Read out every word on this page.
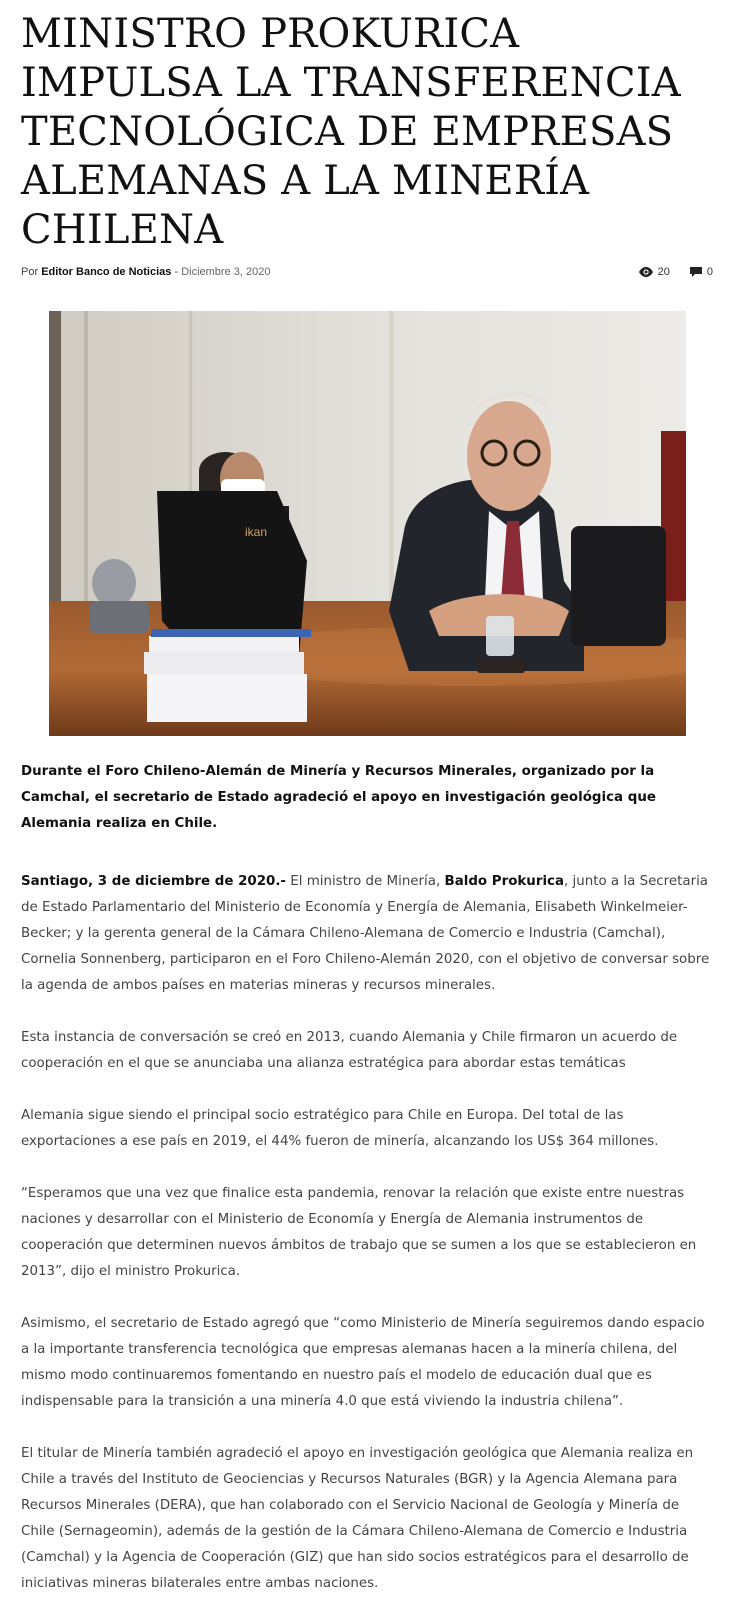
MINISTRO PROKURICA IMPULSA LA TRANSFERENCIA TECNOLÓGICA DE EMPRESAS ALEMANAS A LA MINERÍA CHILENA
Por Editor Banco de Noticias - Diciembre 3, 2020	20	0
ikan

Durante el Foro Chileno-Alemán de Minería y Recursos Minerales, organizado por la Camchal, el secretario de Estado agradeció el apoyo en investigación geológica que Alemania realiza en Chile.

Santiago, 3 de diciembre de 2020.- El ministro de Minería, Baldo Prokurica, junto a la Secretaria de Estado Parlamentario del Ministerio de Economía y Energía de Alemania, Elisabeth Winkelmeier-Becker; y la gerenta general de la Cámara Chileno-Alemana de Comercio e Industria (Camchal), Cornelia Sonnenberg, participaron en el Foro Chileno-Alemán 2020, con el objetivo de conversar sobre la agenda de ambos países en materias mineras y recursos minerales.

Esta instancia de conversación se creó en 2013, cuando Alemania y Chile firmaron un acuerdo de cooperación en el que se anunciaba una alianza estratégica para abordar estas temáticas

Alemania sigue siendo el principal socio estratégico para Chile en Europa. Del total de las exportaciones a ese país en 2019, el 44% fueron de minería, alcanzando los US$ 364 millones.

“Esperamos que una vez que finalice esta pandemia, renovar la relación que existe entre nuestras naciones y desarrollar con el Ministerio de Economía y Energía de Alemania instrumentos de cooperación que determinen nuevos ámbitos de trabajo que se sumen a los que se establecieron en 2013”, dijo el ministro Prokurica.

Asimismo, el secretario de Estado agregó que “como Ministerio de Minería seguiremos dando espacio a la importante transferencia tecnológica que empresas alemanas hacen a la minería chilena, del mismo modo continuaremos fomentando en nuestro país el modelo de educación dual que es indispensable para la transición a una minería 4.0 que está viviendo la industria chilena”.

El titular de Minería también agradeció el apoyo en investigación geológica que Alemania realiza en Chile a través del Instituto de Geociencias y Recursos Naturales (BGR) y la Agencia Alemana para Recursos Minerales (DERA), que han colaborado con el Servicio Nacional de Geología y Minería de Chile (Sernageomin), además de la gestión de la Cámara Chileno-Alemana de Comercio e Industria (Camchal) y la Agencia de Cooperación (GIZ) que han sido socios estratégicos para el desarrollo de iniciativas mineras bilaterales entre ambas naciones.
